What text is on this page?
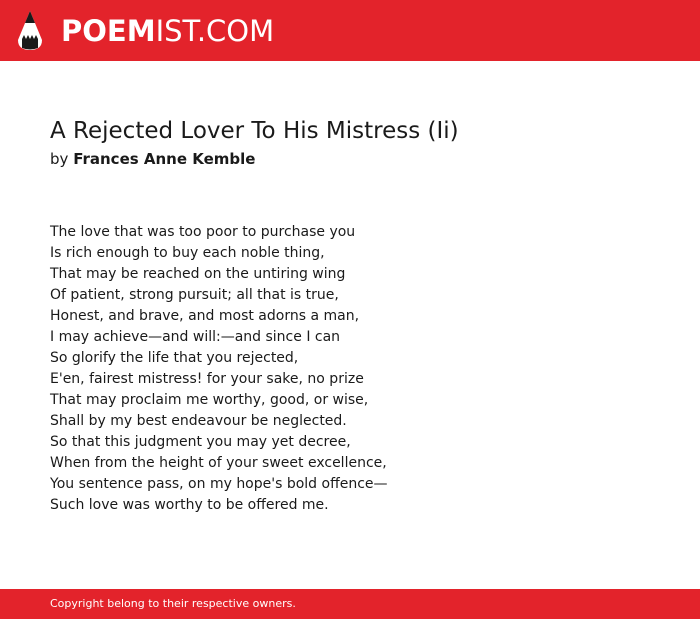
POEMIST.COM
A Rejected Lover To His Mistress (Ii)
by Frances Anne Kemble
The love that was too poor to purchase you
Is rich enough to buy each noble thing,
That may be reached on the untiring wing
Of patient, strong pursuit; all that is true,
Honest, and brave, and most adorns a man,
I may achieve—and will:—and since I can
So glorify the life that you rejected,
E'en, fairest mistress! for your sake, no prize
That may proclaim me worthy, good, or wise,
Shall by my best endeavour be neglected.
So that this judgment you may yet decree,
When from the height of your sweet excellence,
You sentence pass, on my hope's bold offence—
Such love was worthy to be offered me.
Copyright belong to their respective owners.
